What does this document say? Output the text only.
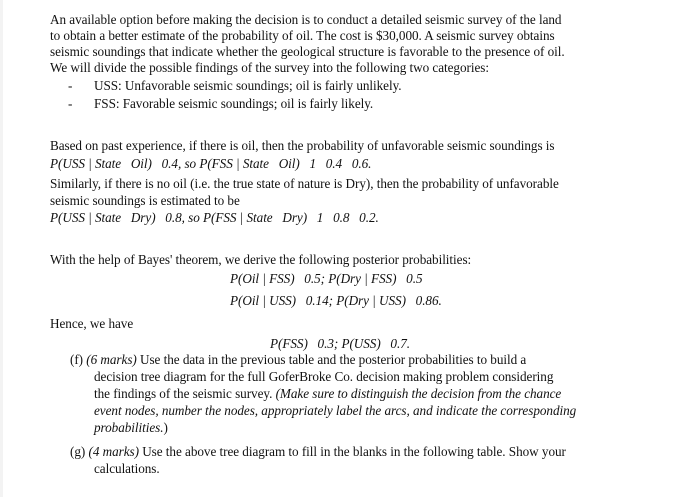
An available option before making the decision is to conduct a detailed seismic survey of the land
to obtain a better estimate of the probability of oil. The cost is $30,000. A seismic survey obtains
seismic soundings that indicate whether the geological structure is favorable to the presence of oil.
We will divide the possible findings of the survey into the following two categories:
- USS: Unfavorable seismic soundings; oil is fairly unlikely.
- FSS: Favorable seismic soundings; oil is fairly likely.
Based on past experience, if there is oil, then the probability of unfavorable seismic soundings is
P(USS | State   Oil)   0.4, so P(FSS | State   Oil)   1   0.4   0.6.
Similarly, if there is no oil (i.e. the true state of nature is Dry), then the probability of unfavorable
seismic soundings is estimated to be
P(USS | State   Dry)   0.8, so P(FSS | State   Dry)   1   0.8   0.2.
With the help of Bayes' theorem, we derive the following posterior probabilities:
P(Oil | FSS)   0.5; P(Dry | FSS)   0.5
P(Oil | USS)   0.14; P(Dry | USS)   0.86.
Hence, we have
P(FSS)   0.3; P(USS)   0.7.
(f) (6 marks) Use the data in the previous table and the posterior probabilities to build a
decision tree diagram for the full GoferBroke Co. decision making problem considering
the findings of the seismic survey. (Make sure to distinguish the decision from the chance
event nodes, number the nodes, appropriately label the arcs, and indicate the corresponding
probabilities.)
(g) (4 marks) Use the above tree diagram to fill in the blanks in the following table. Show your
calculations.
